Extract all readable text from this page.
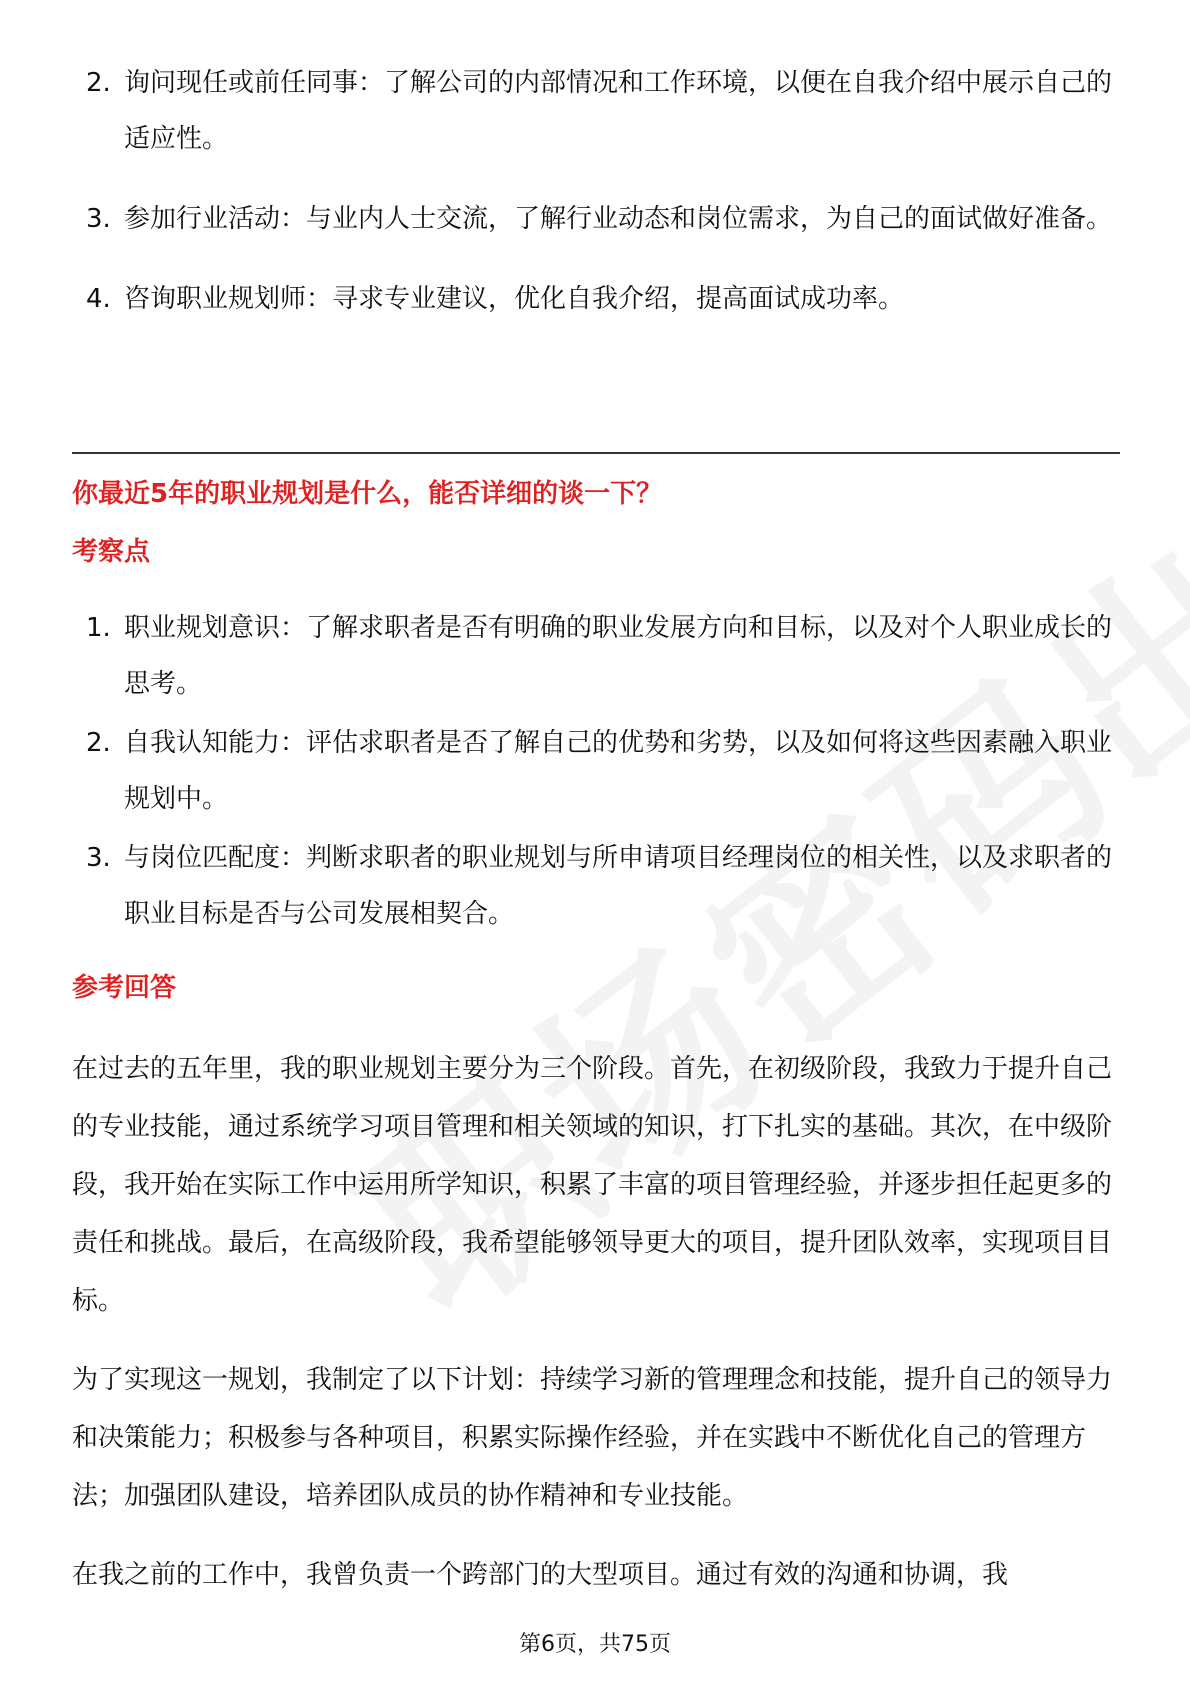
2. 询问现任或前任同事：了解公司的内部情况和工作环境，以便在自我介绍中展示自己的适应性。
3. 参加行业活动：与业内人士交流，了解行业动态和岗位需求，为自己的面试做好准备。
4. 咨询职业规划师：寻求专业建议，优化自我介绍，提高面试成功率。
你最近5年的职业规划是什么，能否详细的谈一下？
考察点
1. 职业规划意识：了解求职者是否有明确的职业发展方向和目标，以及对个人职业成长的思考。
2. 自我认知能力：评估求职者是否了解自己的优势和劣势，以及如何将这些因素融入职业规划中。
3. 与岗位匹配度：判断求职者的职业规划与所申请项目经理岗位的相关性，以及求职者的职业目标是否与公司发展相契合。
参考回答

在过去的五年里，我的职业规划主要分为三个阶段。首先，在初级阶段，我致力于提升自己的专业技能，通过系统学习项目管理和相关领域的知识，打下扎实的基础。其次，在中级阶段，我开始在实际工作中运用所学知识，积累了丰富的项目管理经验，并逐步担任起更多的责任和挑战。最后，在高级阶段，我希望能够领导更大的项目，提升团队效率，实现项目目标。

为了实现这一规划，我制定了以下计划：持续学习新的管理理念和技能，提升自己的领导力和决策能力；积极参与各种项目，积累实际操作经验，并在实践中不断优化自己的管理方法；加强团队建设，培养团队成员的协作精神和专业技能。

在我之前的工作中，我曾负责一个跨部门的大型项目。通过有效的沟通和协调，我

第6页，共75页
